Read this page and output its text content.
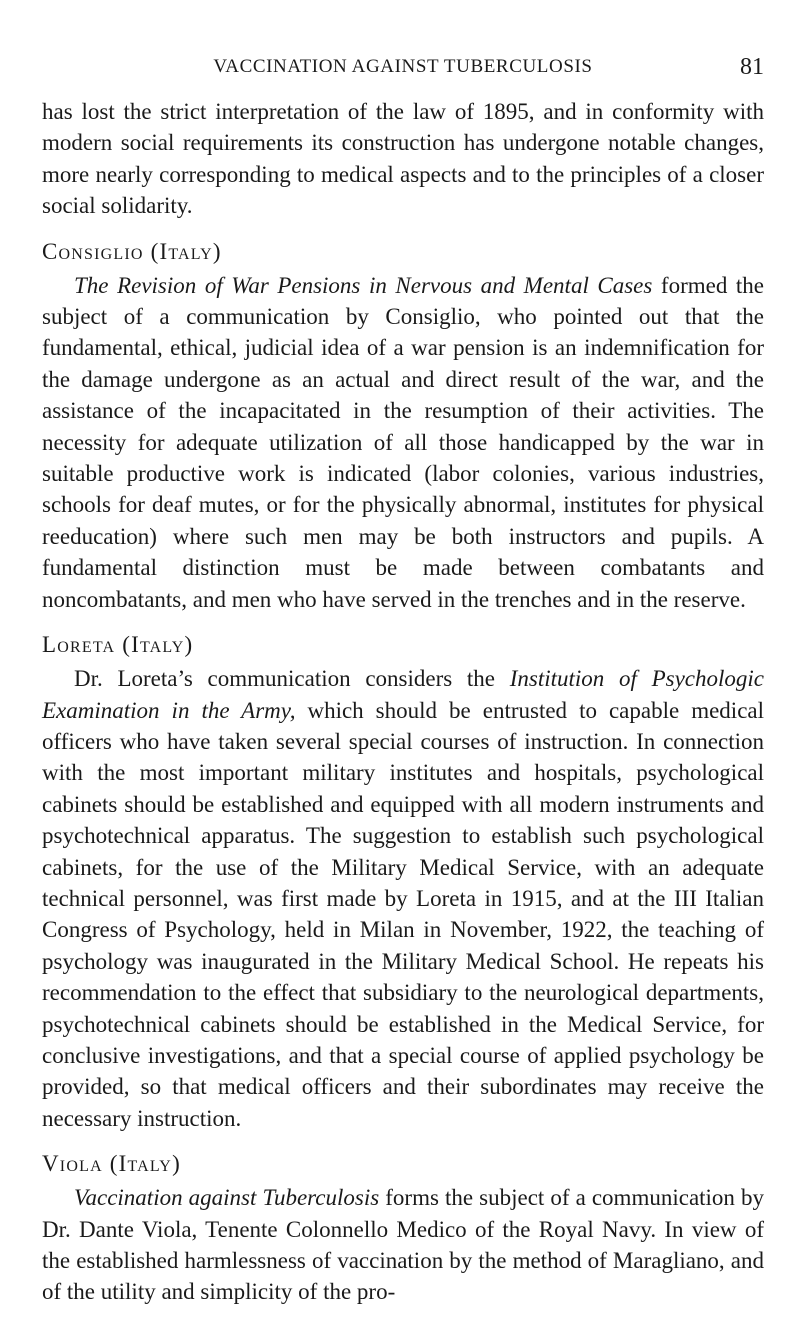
VACCINATION AGAINST TUBERCULOSIS	81

has lost the strict interpretation of the law of 1895, and in conformity with modern social requirements its construction has undergone notable changes, more nearly corresponding to medical aspects and to the principles of a closer social solidarity.

Consiglio (Italy)

The Revision of War Pensions in Nervous and Mental Cases formed the subject of a communication by Consiglio, who pointed out that the fundamental, ethical, judicial idea of a war pension is an indemnification for the damage undergone as an actual and direct result of the war, and the assistance of the incapacitated in the resumption of their activities. The necessity for adequate utilization of all those handicapped by the war in suitable productive work is indicated (labor colonies, various industries, schools for deaf mutes, or for the physically abnormal, institutes for physical reeducation) where such men may be both instructors and pupils. A fundamental distinction must be made between combatants and noncombatants, and men who have served in the trenches and in the reserve.

Loreta (Italy)

Dr. Loreta’s communication considers the Institution of Psychologic Examination in the Army, which should be entrusted to capable medical officers who have taken several special courses of instruction. In connection with the most important military institutes and hospitals, psychological cabinets should be established and equipped with all modern instruments and psychotechnical apparatus. The suggestion to establish such psychological cabinets, for the use of the Military Medical Service, with an adequate technical personnel, was first made by Loreta in 1915, and at the III Italian Congress of Psychology, held in Milan in November, 1922, the teaching of psychology was inaugurated in the Military Medical School. He repeats his recommendation to the effect that subsidiary to the neurological departments, psychotechnical cabinets should be established in the Medical Service, for conclusive investigations, and that a special course of applied psychology be provided, so that medical officers and their subordinates may receive the necessary instruction.

Viola (Italy)

Vaccination against Tuberculosis forms the subject of a communication by Dr. Dante Viola, Tenente Colonnello Medico of the Royal Navy. In view of the established harmlessness of vaccination by the method of Maragliano, and of the utility and simplicity of the pro-
